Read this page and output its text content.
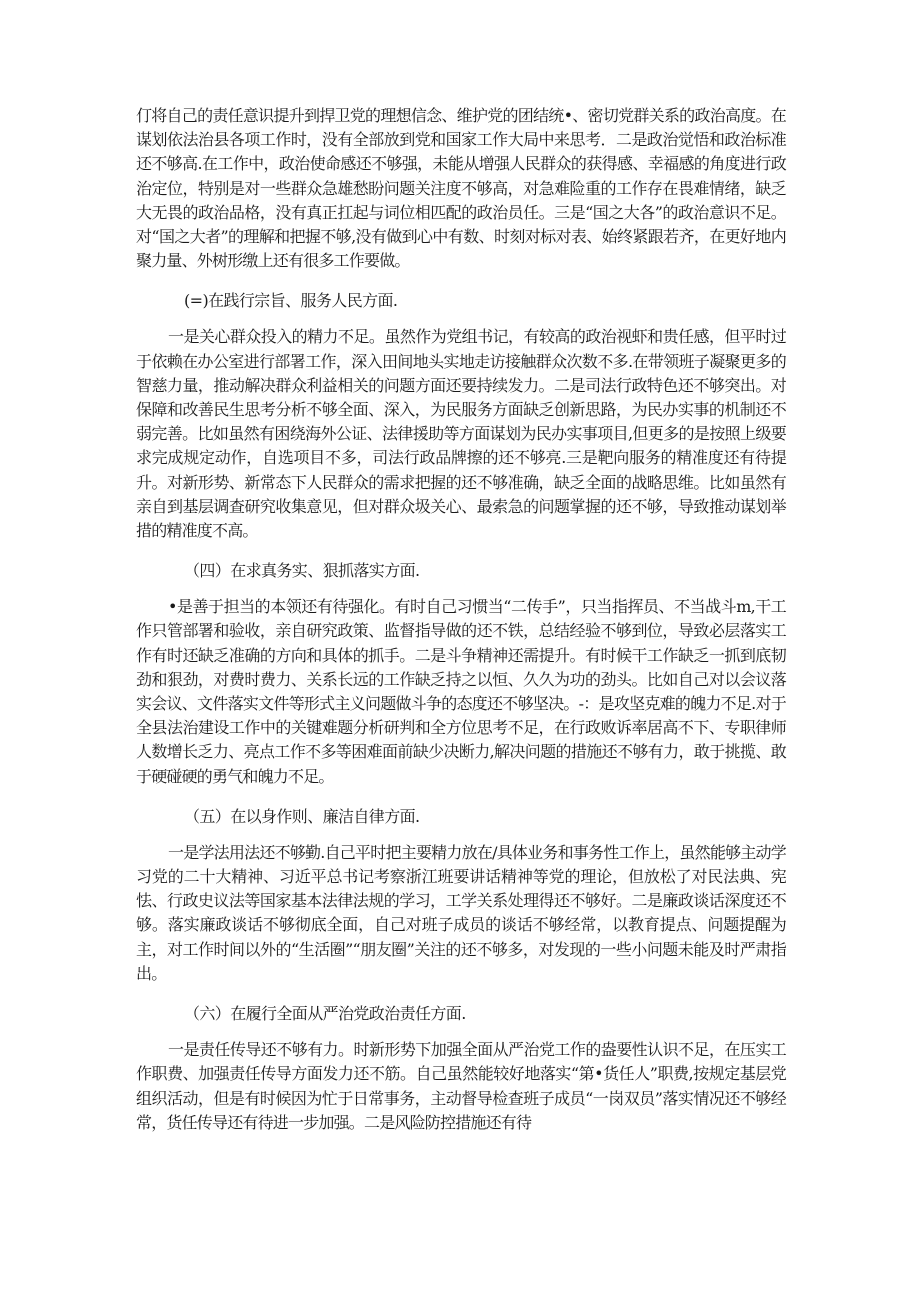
仃将自己的责任意识提升到捍卫党的理想信念、维护党的团结统•、密切党群关系的政治高度。在谋划依法治县各项工作时，没有全部放到党和国家工作大局中来思考．二是政治觉悟和政治标准还不够高.在工作中，政治使命感还不够强，未能从增强人民群众的获得感、幸福感的角度进行政治定位，特别是对一些群众急雄愁盼问题关注度不够高，对急难险重的工作存在畏难情绪，缺乏大无畏的政治品格，没有真正扛起与词位相匹配的政治员任。三是“国之大各”的政治意识不足。对“国之大者”的理解和把握不够,没有做到心中有数、时刻对标对表、始终紧跟若齐，在更好地内聚力量、外树形缴上还有很多工作要做。

(=)在践行宗旨、服务人民方面.

一是关心群众投入的精力不足。虽然作为党组书记，有较高的政治视虾和贵任感，但平时过于依赖在办公室进行部署工作，深入田间地头实地走访接触群众次数不多.在带领班子凝聚更多的智慈力量，推动解决群众利益相关的问题方面还要持续发力。二是司法行政特色还不够突出。对保障和改善民生思考分析不够全面、深入，为民服务方面缺乏创新思路，为民办实事的机制还不弱完善。比如虽然有困绕海外公证、法律援助等方面谋划为民办实事项目,但更多的是按照上级要求完成规定动作，自选项目不多，司法行政品牌擦的还不够亮.三是靶向服务的精准度还有待提升。对新形势、新常态下人民群众的需求把握的还不够准确，缺乏全面的战略思维。比如虽然有亲自到基层调查研究收集意见，但对群众圾关心、最索急的问题掌握的还不够，导致推动谋划举措的精准度不高。

（四）在求真务实、狠抓落实方面.

•是善于担当的本领还有待强化。有时自己习惯当“二传手”，只当指挥员、不当战斗m,干工作只管部署和验收，亲自研究政策、监督指导做的还不铁，总结经验不够到位，导致必层落实工作有时还缺乏准确的方向和具体的抓手。二是斗争精神还需提升。有时候干工作缺乏一抓到底韧劲和狠劲，对费时费力、关系长远的工作缺乏持之以恒、久久为功的劲头。比如自己对以会议落实会议、文件落实文件等形式主义问题做斗争的态度还不够坚决。-：是攻坚克难的魄力不足.对于全县法治建设工作中的关键难题分析研判和全方位思考不足，在行政败诉率居高不下、专职律师人数增长乏力、亮点工作不多等困难面前缺少决断力,解决问题的措施还不够有力，敢于挑揽、敢于硬碰硬的勇气和魄力不足。

（五）在以身作则、廉洁自律方面.

一是学法用法还不够勤.自己平时把主要精力放在/具体业务和事务性工作上，虽然能够主动学习党的二十大精神、习近平总书记考察浙江班要讲话精神等党的理论，但放松了对民法典、宪怯、行政史议法等国家基本法律法规的学习，工学关系处理得还不够好。二是廉政谈话深度还不够。落实廉政谈话不够彻底全面，自己对班子成员的谈话不够经常，以教育提点、问题提醒为主，对工作时间以外的“生活圈”“朋友圈”关注的还不够多，对发现的一些小问题未能及时严肃指出。

（六）在履行全面从严治党政治责任方面.

一是责任传导还不够有力。时新形势下加强全面从严治党工作的盎要性认识不足，在压实工作职费、加强责任传导方面发力还不筋。自己虽然能较好地落实“第•货任人”职费,按规定基层党组织活动，但是有时候因为忙于日常事务，主动督导检查班子成员“一岗双员”落实情况还不够经常，货任传导还有待进一步加强。二是风险防控措施还有待
